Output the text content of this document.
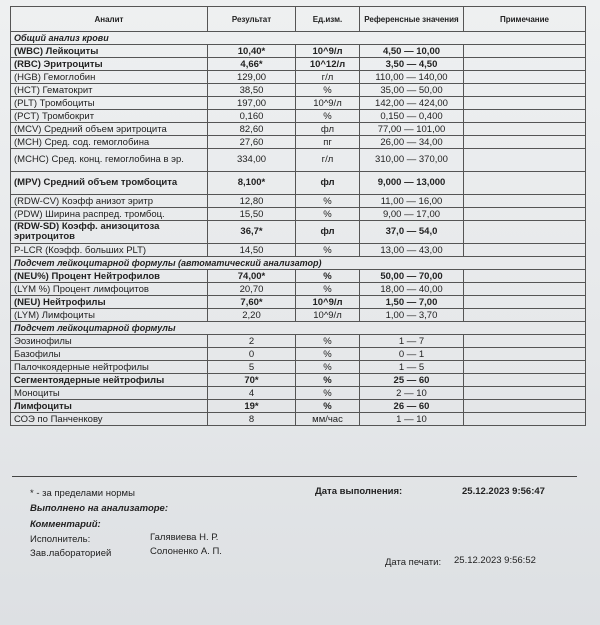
Аналит	Результат	Ед.изм.	Референсные значения	Примечание
Общий анализ крови				
(WBC) Лейкоциты	10,40*	10^9/л	4,50 — 10,00	
(RBC) Эритроциты	4,66*	10^12/л	3,50 — 4,50	
(HGB) Гемоглобин	129,00	г/л	110,00 — 140,00	
(HCT) Гематокрит	38,50	%	35,00 — 50,00	
(PLT) Тромбоциты	197,00	10^9/л	142,00 — 424,00	
(PCT) Тромбокрит	0,160	%	0,150 — 0,400	
(MCV) Средний объем эритроцита	82,60	фл	77,00 — 101,00	
(MCH) Сред. сод. гемоглобина	27,60	пг	26,00 — 34,00	
(MCHC) Сред. конц. гемоглобина в эр.	334,00	г/л	310,00 — 370,00	
(MPV) Средний объем тромбоцита	8,100*	фл	9,000 — 13,000	
(RDW-CV) Коэфф анизот эритр	12,80	%	11,00 — 16,00	
(PDW) Ширина распред. тромбоц.	15,50	%	9,00 — 17,00	
(RDW-SD) Коэфф. анизоцитоза эритроцитов	36,7*	фл	37,0 — 54,0	
P-LCR (Коэфф. больших PLT)	14,50	%	13,00 — 43,00	
Подсчет лейкоцитарной формулы (автоматический анализатор)				
(NEU%) Процент Нейтрофилов	74,00*	%	50,00 — 70,00	
(LYM %) Процент лимфоцитов	20,70	%	18,00 — 40,00	
(NEU) Нейтрофилы	7,60*	10^9/л	1,50 — 7,00	
(LYM) Лимфоциты	2,20	10^9/л	1,00 — 3,70	
Подсчет лейкоцитарной формулы				
Эозинофилы	2	%	1 — 7	
Базофилы	0	%	0 — 1	
Палочкоядерные нейтрофилы	5	%	1 — 5	
Сегментоядерные нейтрофилы	70*	%	25 — 60	
Моноциты	4	%	2 — 10	
Лимфоциты	19*	%	26 — 60	
СОЭ по Панченкову	8	мм/час	1 — 10	
* - за пределами нормы	Дата выполнения:	25.12.2023 9:56:47
Выполнено на анализаторе:
Комментарий:
Исполнитель:	Галявиева Н. Р.
Зав.лабораторией	Солоненко А. П.
Дата печати: 25.12.2023 9:56:52
